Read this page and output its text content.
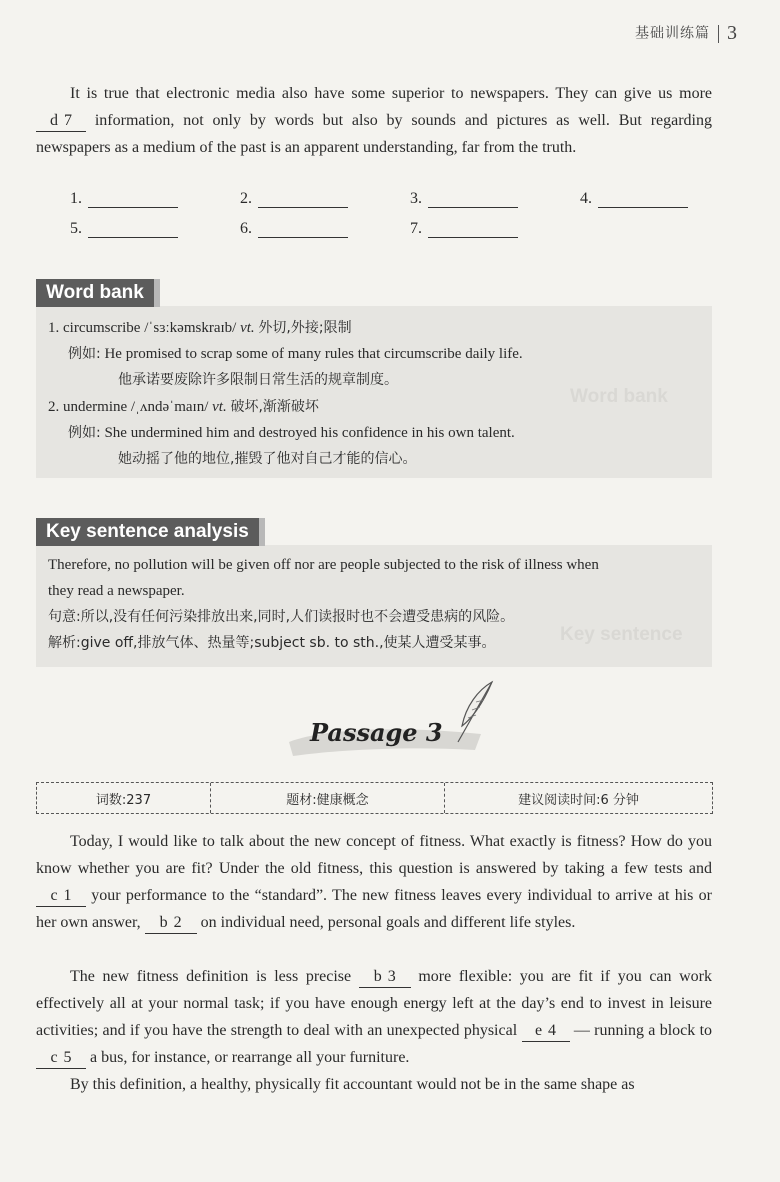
基础训练篇 3
It is true that electronic media also have some superior to newspapers. They can give us more d 7 information, not only by words but also by sounds and pictures as well. But regarding newspapers as a medium of the past is an apparent understanding, far from the truth.
1.	2.	3.	4.
5.	6.	7.
Word bank
Word bank
1. circumscribe /ˈsɜːkəmskraɪb/ vt. 外切,外接;限制
例如: He promised to scrap some of many rules that circumscribe daily life.
他承诺要废除许多限制日常生活的规章制度。
2. undermine /ˌʌndəˈmaɪn/ vt. 破坏,渐渐破坏
例如: She undermined him and destroyed his confidence in his own talent.
她动摇了他的地位,摧毁了他对自己才能的信心。
Key sentence
Key sentence analysis
Therefore, no pollution will be given off nor are people subjected to the risk of illness when
they read a newspaper.
句意:所以,没有任何污染排放出来,同时,人们读报时也不会遭受患病的风险。
解析:give off,排放气体、热量等;subject sb. to sth.,使某人遭受某事。
Passage 3
词数:237	题材:健康概念	建议阅读时间:6 分钟
Today, I would like to talk about the new concept of fitness. What exactly is fitness? How do you know whether you are fit? Under the old fitness, this question is answered by taking a few tests and c 1 your performance to the “standard”. The new fitness leaves every individual to arrive at his or her own answer, b 2 on individual need, personal goals and different life styles.
The new fitness definition is less precise b 3 more flexible: you are fit if you can work effectively all at your normal task; if you have enough energy left at the day’s end to invest in leisure activities; and if you have the strength to deal with an unexpected physical e 4 — running a block to c 5 a bus, for instance, or rearrange all your furniture.
By this definition, a healthy, physically fit accountant would not be in the same shape as
